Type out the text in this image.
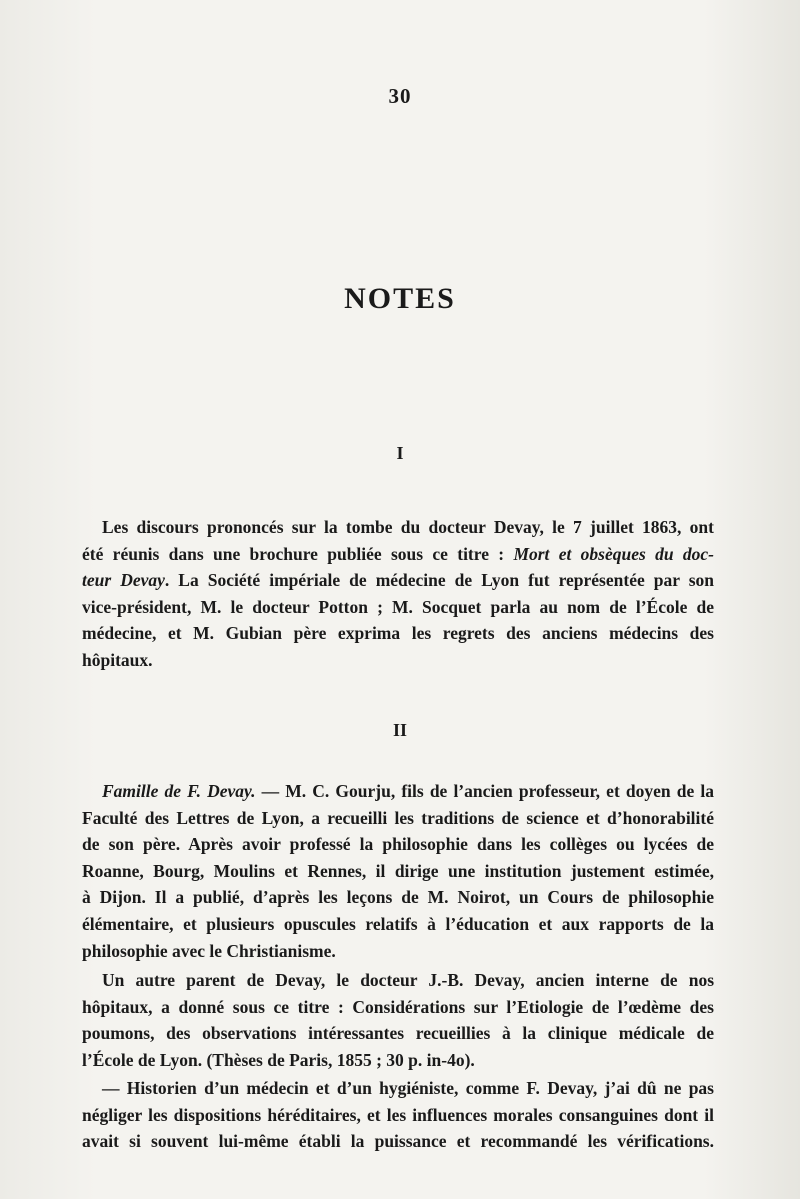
30
NOTES
I
Les discours prononcés sur la tombe du docteur Devay, le 7 juillet 1863, ont
été réunis dans une brochure publiée sous ce titre : Mort et obsèques du doc-
teur Devay. La Société impériale de médecine de Lyon fut représentée par son
vice-président, M. le docteur Potton ; M. Socquet parla au nom de l’École de
médecine, et M. Gubian père exprima les regrets des anciens médecins des
hôpitaux.
II
Famille de F. Devay. — M. C. Gourju, fils de l’ancien professeur, et doyen de la
Faculté des Lettres de Lyon, a recueilli les traditions de science et d’honorabilité
de son père. Après avoir professé la philosophie dans les collèges ou lycées de
Roanne, Bourg, Moulins et Rennes, il dirige une institution justement estimée,
à Dijon. Il a publié, d’après les leçons de M. Noirot, un Cours de philosophie
élémentaire, et plusieurs opuscules relatifs à l’éducation et aux rapports de la
philosophie avec le Christianisme.
Un autre parent de Devay, le docteur J.-B. Devay, ancien interne de nos
hôpitaux, a donné sous ce titre : Considérations sur l’Etiologie de l’œdème des
poumons, des observations intéressantes recueillies à la clinique médicale de
l’École de Lyon. (Thèses de Paris, 1855 ; 30 p. in-4o).
— Historien d’un médecin et d’un hygiéniste, comme F. Devay, j’ai dû ne pas
négliger les dispositions héréditaires, et les influences morales consanguines dont il
avait si souvent lui-même établi la puissance et recommandé les vérifications.
